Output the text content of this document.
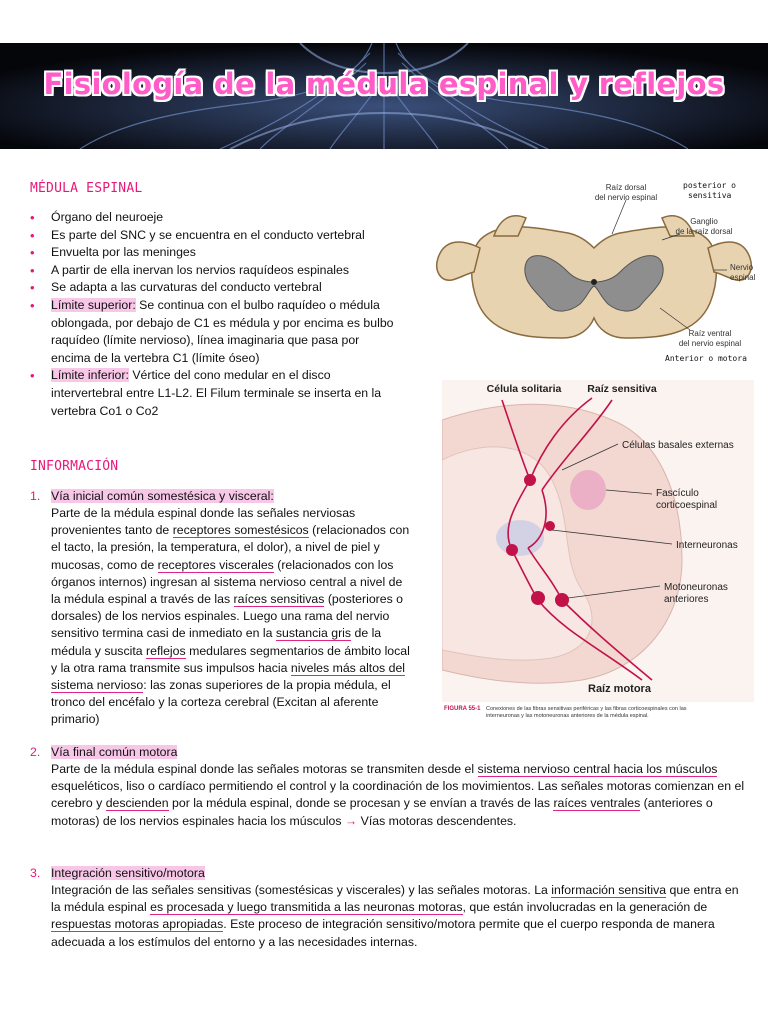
Fisiología de la médula espinal y reflejos
MÉDULA ESPINAL
• Órgano del neuroeje
• Es parte del SNC y se encuentra en el conducto vertebral
• Envuelta por las meninges
• A partir de ella inervan los nervios raquídeos espinales
• Se adapta a las curvaturas del conducto vertebral
• Límite superior: Se continua con el bulbo raquídeo o médula oblongada, por debajo de C1 es médula y por encima es bulbo raquídeo (límite nervioso), línea imaginaria que pasa por encima de la vertebra C1 (límite óseo)
• Límite inferior: Vértice del cono medular en el disco intervertebral entre L1-L2. El Filum terminale se inserta en la vertebra Co1 o Co2
Raíz dorsal del nervio espinal
posterior o sensitiva
Ganglio de la raíz dorsal
Nervio espinal
Raíz ventral del nervio espinal
Anterior o motora
Célula solitaria Raíz sensitiva
Células basales externas
Fascículo corticoespinal
Interneuronas
Motoneuronas anteriores
Raíz motora
FIGURA 55-1 Conexiones de las fibras sensitivas periféricas y las fibras corticoespinales con las interneuronas y las motoneuronas anteriores de la médula espinal.
INFORMACIÓN
1. Vía inicial común somestésica y visceral:
Parte de la médula espinal donde las señales nerviosas provenientes tanto de receptores somestésicos (relacionados con el tacto, la presión, la temperatura, el dolor), a nivel de piel y mucosas, como de receptores viscerales (relacionados con los órganos internos) ingresan al sistema nervioso central a nivel de la médula espinal a través de las raíces sensitivas (posteriores o dorsales) de los nervios espinales. Luego una rama del nervio sensitivo termina casi de inmediato en la sustancia gris de la médula y suscita reflejos medulares segmentarios de ámbito local y la otra rama transmite sus impulsos hacia niveles más altos del sistema nervioso: las zonas superiores de la propia médula, el tronco del encéfalo y la corteza cerebral (Excitan al aferente primario)
2. Vía final común motora
Parte de la médula espinal donde las señales motoras se transmiten desde el sistema nervioso central hacia los músculos esqueléticos, liso o cardíaco permitiendo el control y la coordinación de los movimientos. Las señales motoras comienzan en el cerebro y descienden por la médula espinal, donde se procesan y se envían a través de las raíces ventrales (anteriores o motoras) de los nervios espinales hacia los músculos → Vías motoras descendentes.
3. Integración sensitivo/motora
Integración de las señales sensitivas (somestésicas y viscerales) y las señales motoras. La información sensitiva que entra en la médula espinal es procesada y luego transmitida a las neuronas motoras, que están involucradas en la generación de respuestas motoras apropiadas. Este proceso de integración sensitivo/motora permite que el cuerpo responda de manera adecuada a los estímulos del entorno y a las necesidades internas.
